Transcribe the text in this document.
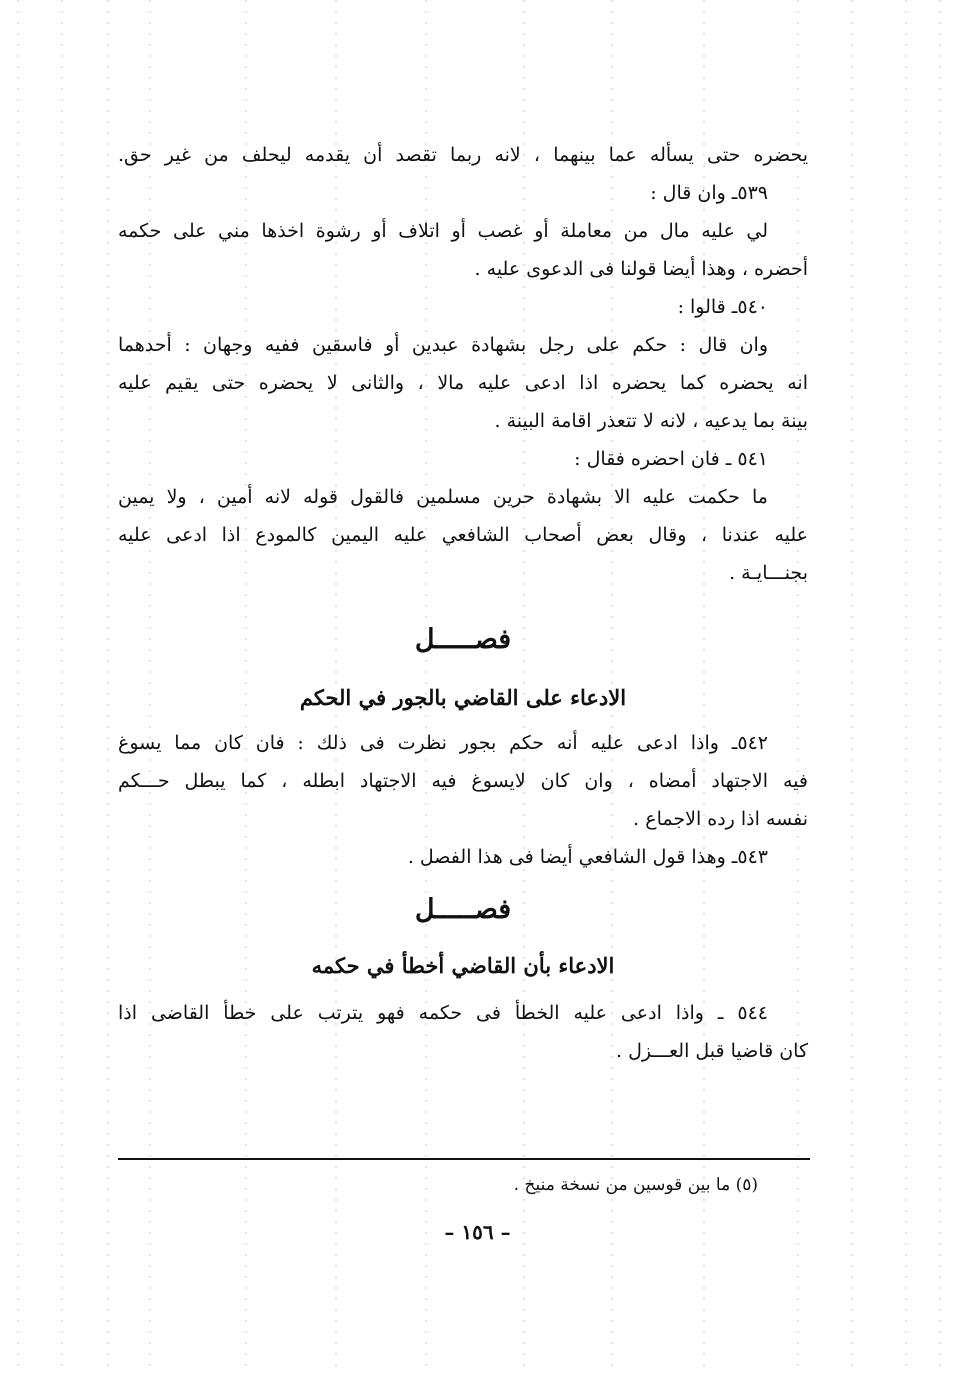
يحضره حتى يسأله عما بينهما ، لانه ربما تقصد أن يقدمه ليحلف من غير حق.
٥٣٩ـ وان قال :
لي عليه مال من معاملة أو غصب أو اتلاف أو رشوة اخذها مني على حكمه
أحضره ، وهذا أيضا قولنا فى الدعوى عليه .
٥٤٠ـ قالوا :
وان قال : حكم على رجل بشهادة عبدين أو فاسقين ففيه وجهان : أحدهما
انه يحضره كما يحضره اذا ادعى عليه مالا ، والثانى لا يحضره حتى يقيم عليه
بينة بما يدعيه ، لانه لا تتعذر اقامة البينة .
٥٤١ ـ فان احضره فقال :
ما حكمت عليه الا بشهادة حرين مسلمين فالقول قوله لانه أمين ، ولا يمين
عليه عندنا ، وقال بعض أصحاب الشافعي عليه اليمين كالمودع اذا ادعى عليه
بجنـــايـة .
فصـــــل
الادعاء على القاضي بالجور في الحكم
٥٤٢ـ واذا ادعى عليه أنه حكم بجور نظرت فى ذلك : فان كان مما يسوغ
فيه الاجتهاد أمضاه ، وان كان لايسوغ فيه الاجتهاد ابطله ، كما يبطل حـــكم
نفسه اذا رده الاجماع .
٥٤٣ـ وهذا قول الشافعي أيضا فى هذا الفصل .
فصـــــل
الادعاء بأن القاضي أخطأ في حكمه
٥٤٤ ـ واذا ادعى عليه الخطأ فى حكمه فهو يترتب على خطأ القاضى اذا
كان قاضيا قبل العـــزل .
(٥) ما بين قوسين من نسخة منيخ .
– ١٥٦ –
